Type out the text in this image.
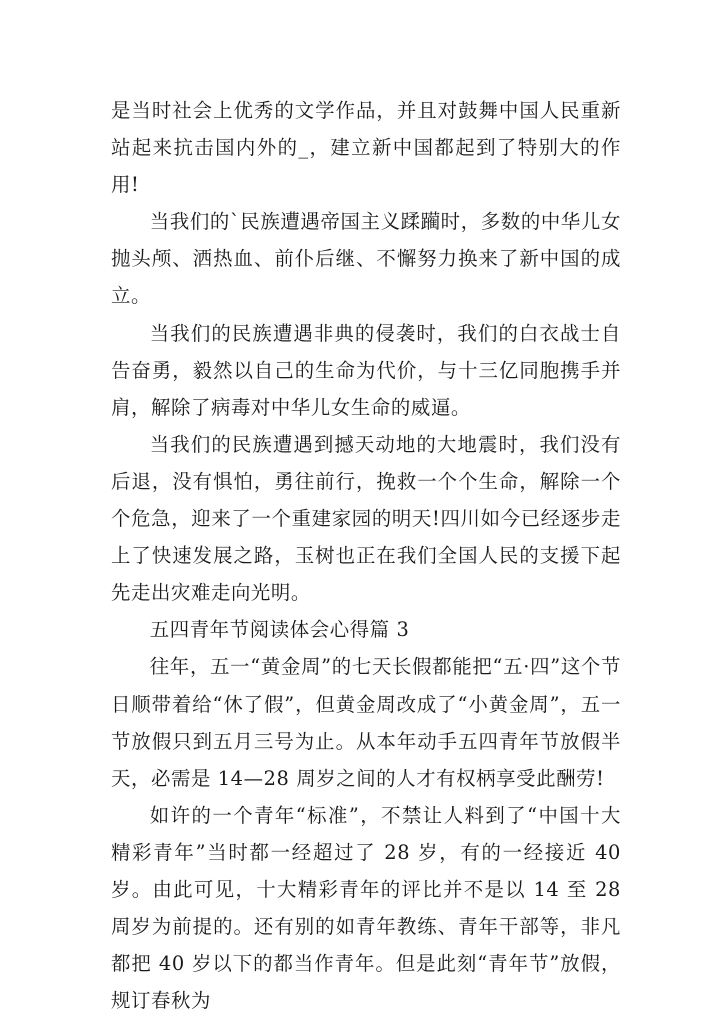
是当时社会上优秀的文学作品，并且对鼓舞中国人民重新站起来抗击国内外的_，建立新中国都起到了特别大的作用!

当我们的`民族遭遇帝国主义蹂躏时，多数的中华儿女抛头颅、洒热血、前仆后继、不懈努力换来了新中国的成立。

当我们的民族遭遇非典的侵袭时，我们的白衣战士自告奋勇，毅然以自己的生命为代价，与十三亿同胞携手并肩，解除了病毒对中华儿女生命的威逼。

当我们的民族遭遇到撼天动地的大地震时，我们没有后退，没有惧怕，勇往前行，挽救一个个生命，解除一个个危急，迎来了一个重建家园的明天!四川如今已经逐步走上了快速发展之路，玉树也正在我们全国人民的支援下起先走出灾难走向光明。

五四青年节阅读体会心得篇 3

往年，五一“黄金周”的七天长假都能把“五·四”这个节日顺带着给“休了假”，但黄金周改成了“小黄金周”，五一节放假只到五月三号为止。从本年动手五四青年节放假半天，必需是 14—28 周岁之间的人才有权柄享受此酬劳!

如许的一个青年“标准”，不禁让人料到了“中国十大精彩青年”当时都一经超过了 28 岁，有的一经接近 40 岁。由此可见，十大精彩青年的评比并不是以 14 至 28 周岁为前提的。还有别的如青年教练、青年干部等，非凡都把 40 岁以下的都当作青年。但是此刻“青年节”放假，规订春秋为
